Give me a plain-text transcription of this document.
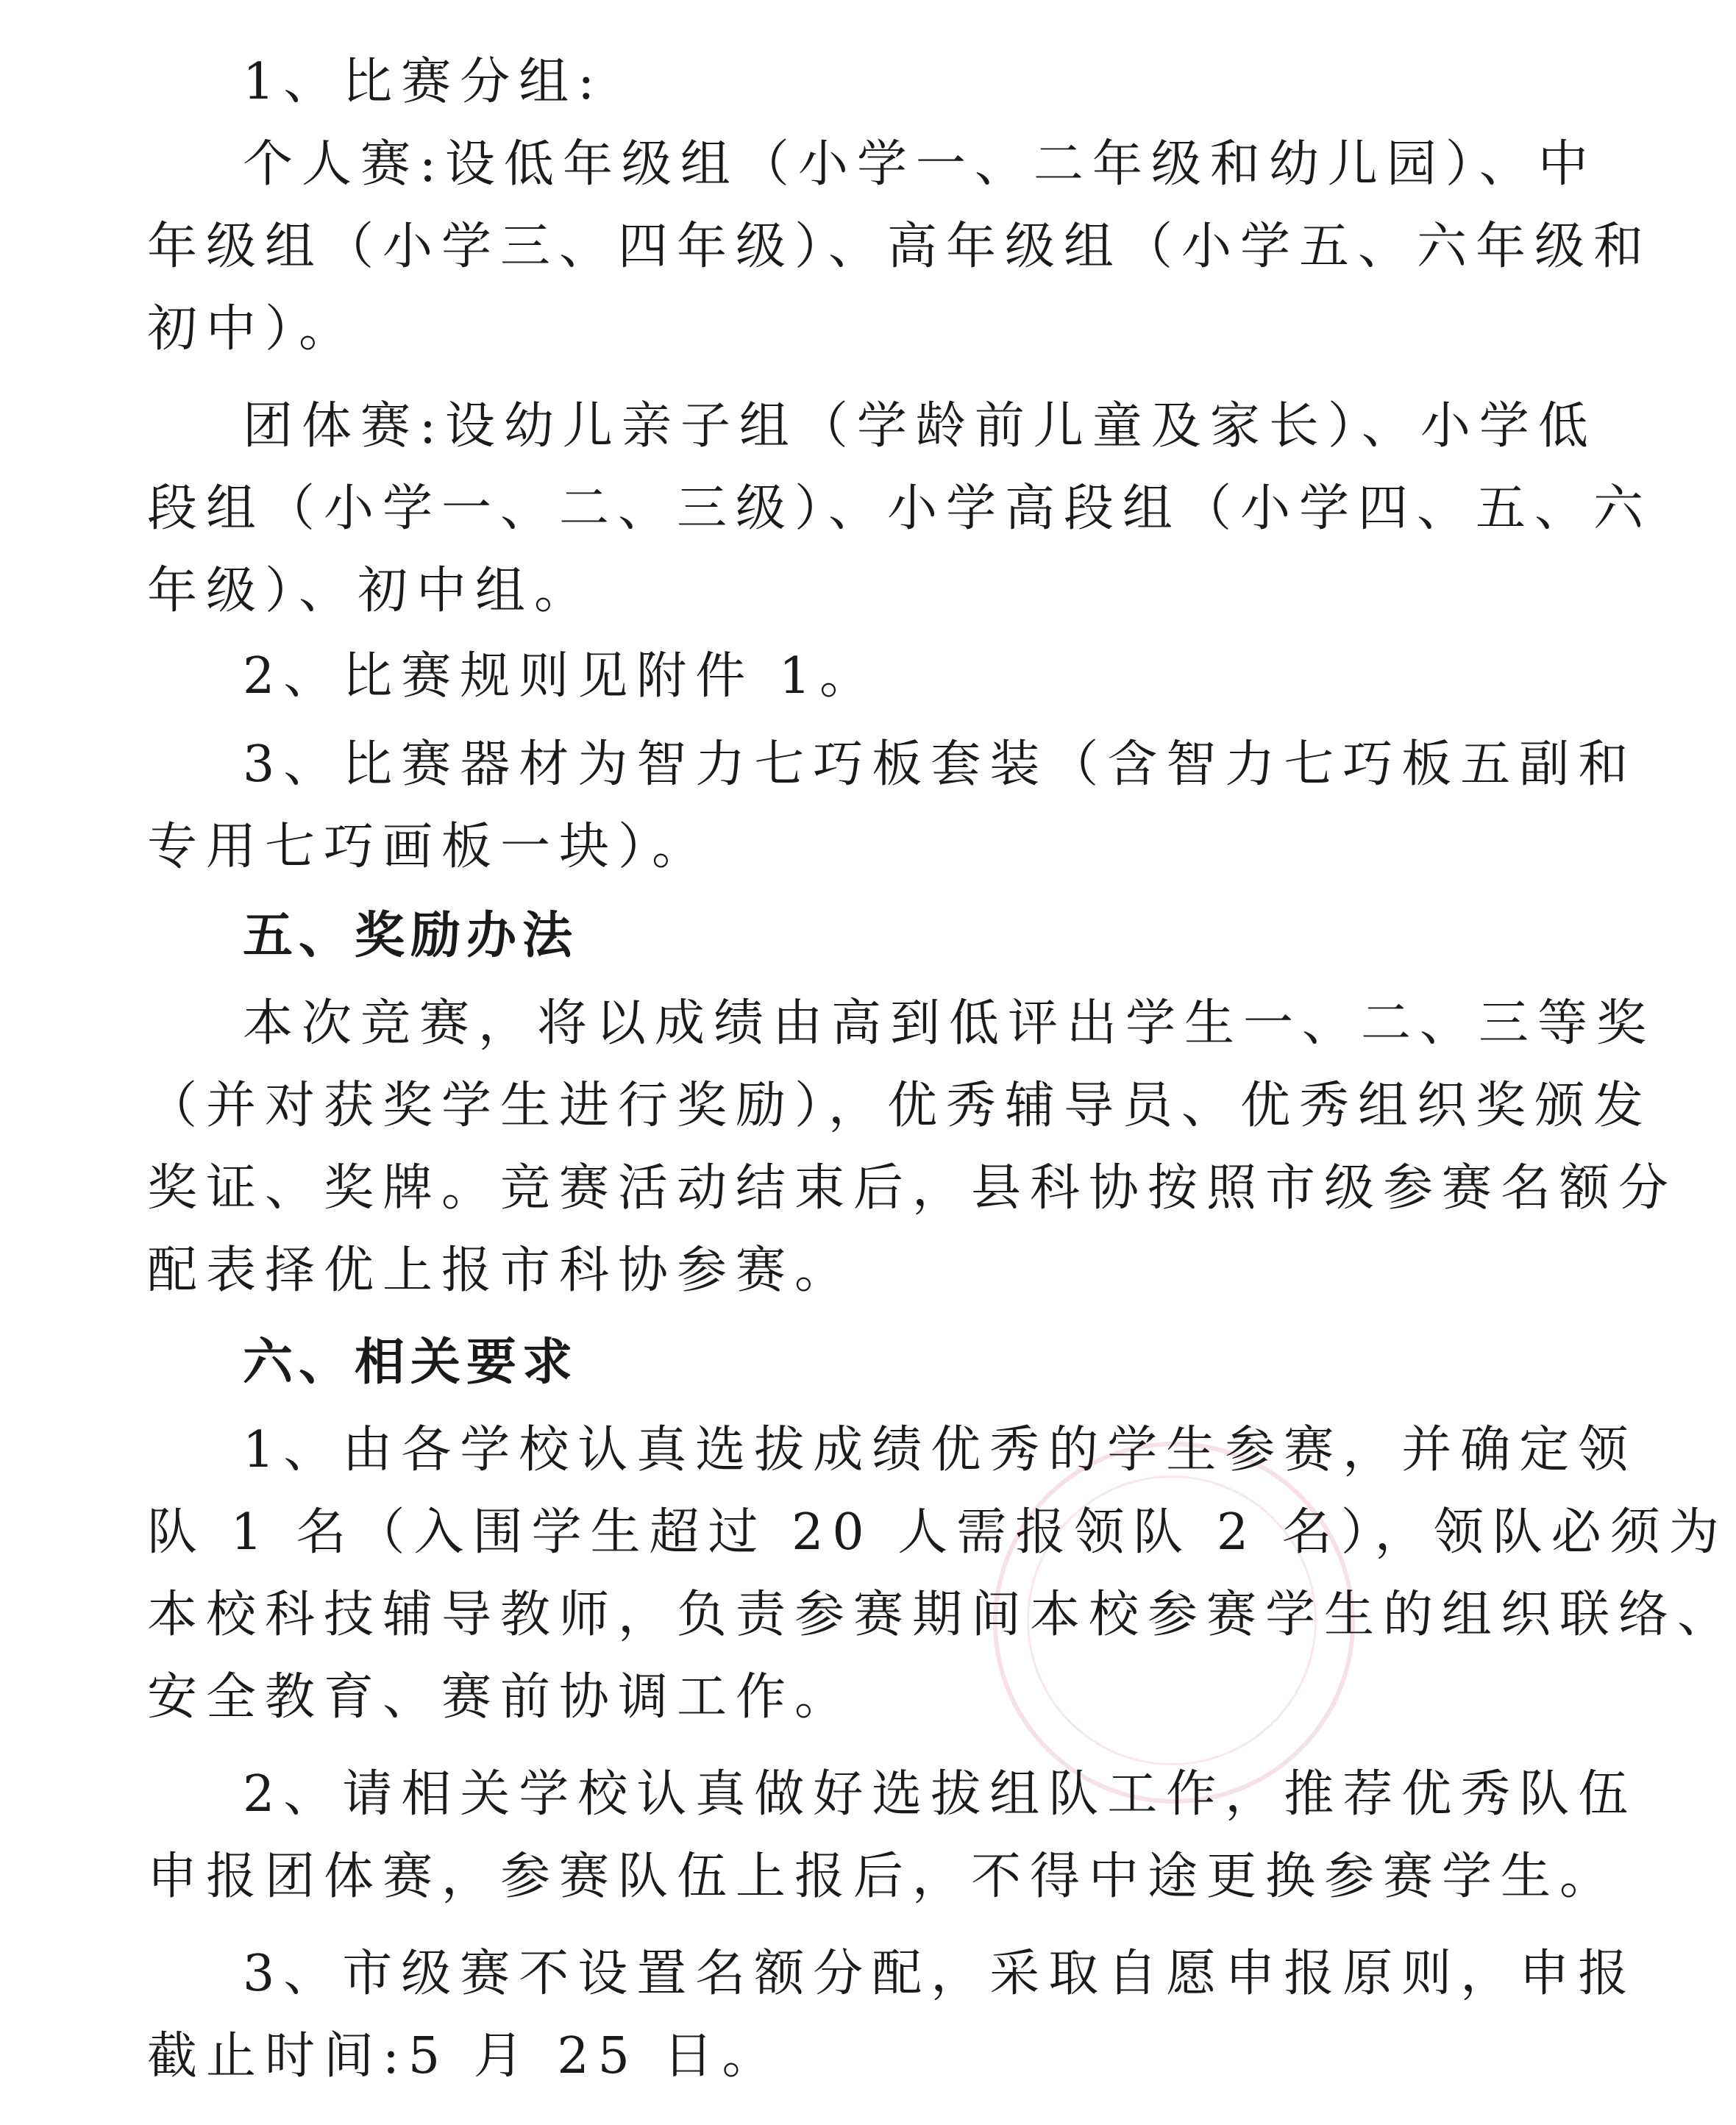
1、比赛分组:
个人赛:设低年级组（小学一、二年级和幼儿园）、中
年级组（小学三、四年级）、高年级组（小学五、六年级和
初中）。
团体赛:设幼儿亲子组（学龄前儿童及家长）、小学低
段组（小学一、二、三级）、小学高段组（小学四、五、六
年级）、初中组。
2、比赛规则见附件 1。
3、比赛器材为智力七巧板套装（含智力七巧板五副和
专用七巧画板一块）。
五、奖励办法
本次竞赛，将以成绩由高到低评出学生一、二、三等奖
（并对获奖学生进行奖励），优秀辅导员、优秀组织奖颁发
奖证、奖牌。竞赛活动结束后，县科协按照市级参赛名额分
配表择优上报市科协参赛。
六、相关要求
1、由各学校认真选拔成绩优秀的学生参赛，并确定领
队 1 名（入围学生超过 20 人需报领队 2 名），领队必须为
本校科技辅导教师，负责参赛期间本校参赛学生的组织联络、
安全教育、赛前协调工作。
2、请相关学校认真做好选拔组队工作，推荐优秀队伍
申报团体赛，参赛队伍上报后，不得中途更换参赛学生。
3、市级赛不设置名额分配，采取自愿申报原则，申报
截止时间:5 月 25 日。
